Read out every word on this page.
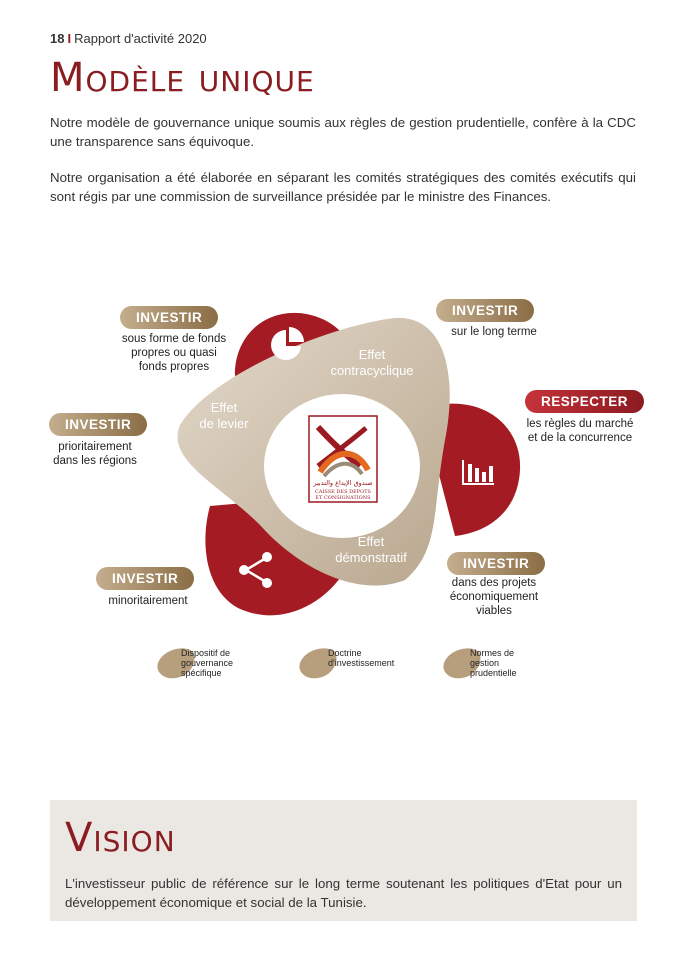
18 I Rapport d'activité 2020
Modèle unique

Notre modèle de gouvernance unique soumis aux règles de gestion prudentielle, confère à la CDC une transparence sans équivoque.

Notre organisation a été élaborée en séparant les comités stratégiques des comités exécutifs qui sont régis par une commission de surveillance présidée par le ministre des Finances.

صندوق الإيداع والتدبير
CAISSE DES DEPOTS
ET CONSIGNATIONS
Effet
contracyclique
Effet
de levier
Effet
démonstratif
INVESTIR
sous forme de fonds
propres ou quasi
fonds propres
INVESTIR
sur le long terme
INVESTIR
prioritairement
dans les régions
RESPECTER
les règles du marché
et de la concurrence
INVESTIR
minoritairement
INVESTIR
dans des projets
économiquement
viables
Dispositif de
gouvernance
spécifique
Doctrine
d'investissement
Normes de
gestion
prudentielle
Vision

L'investisseur public de référence sur le long terme soutenant les politiques d'Etat pour un développement économique et social de la Tunisie.
